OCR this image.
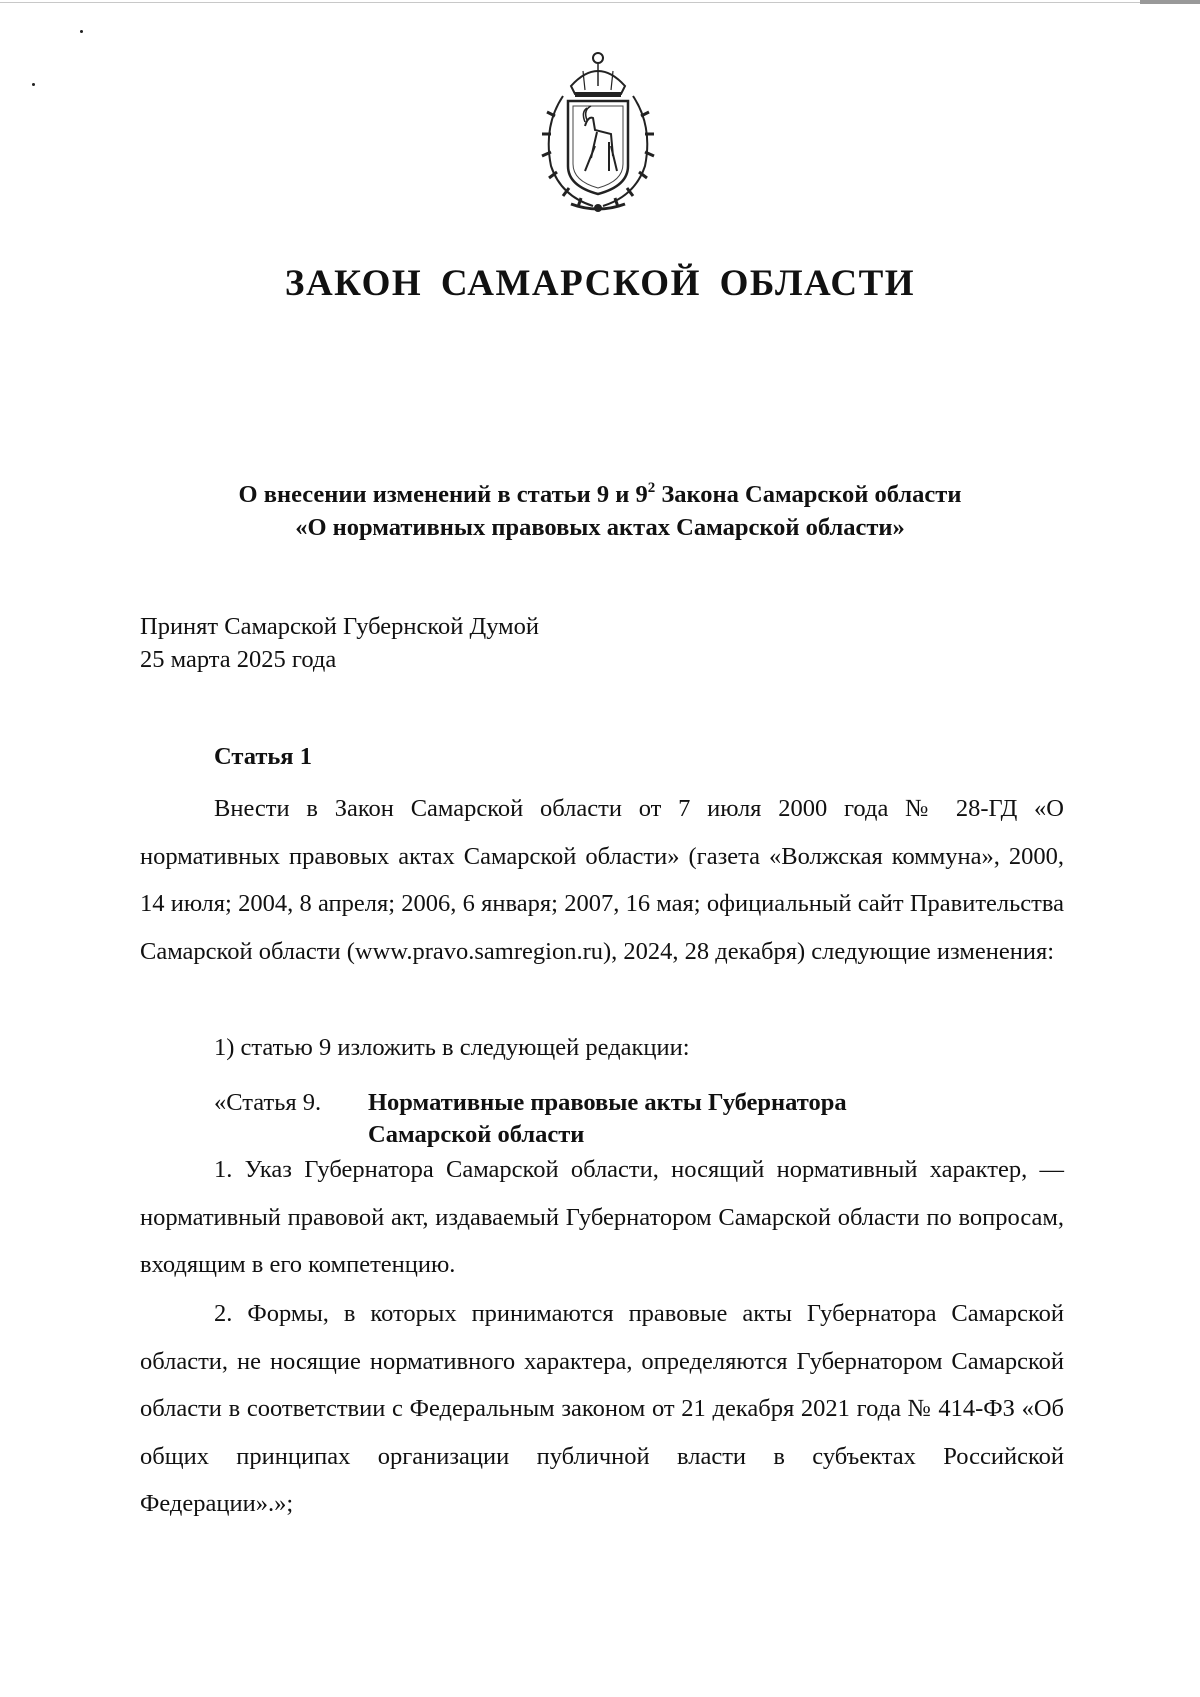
ЗАКОН САМАРСКОЙ ОБЛАСТИ
О внесении изменений в статьи 9 и $9^2$ Закона Самарской области
«О нормативных правовых актах Самарской области»
Принят Самарской Губернской Думой
25 марта 2025 года
Статья 1

Внести в Закон Самарской области от 7 июля 2000 года № 28-ГД «О нормативных правовых актах Самарской области» (газета «Волжская коммуна», 2000, 14 июля; 2004, 8 апреля; 2006, 6 января; 2007, 16 мая; официальный сайт Правительства Самарской области (www.pravo.samregion.ru), 2024, 28 декабря) следующие изменения:

1) статью 9 изложить в следующей редакции:

«Статья 9. Нормативные правовые акты Губернатора
Самарской области

1. Указ Губернатора Самарской области, носящий нормативный характер, — нормативный правовой акт, издаваемый Губернатором Самарской области по вопросам, входящим в его компетенцию.

2. Формы, в которых принимаются правовые акты Губернатора Самарской области, не носящие нормативного характера, определяются Губернатором Самарской области в соответствии с Федеральным законом от 21 декабря 2021 года № 414-ФЗ «Об общих принципах организации публичной власти в субъектах Российской Федерации».»;
